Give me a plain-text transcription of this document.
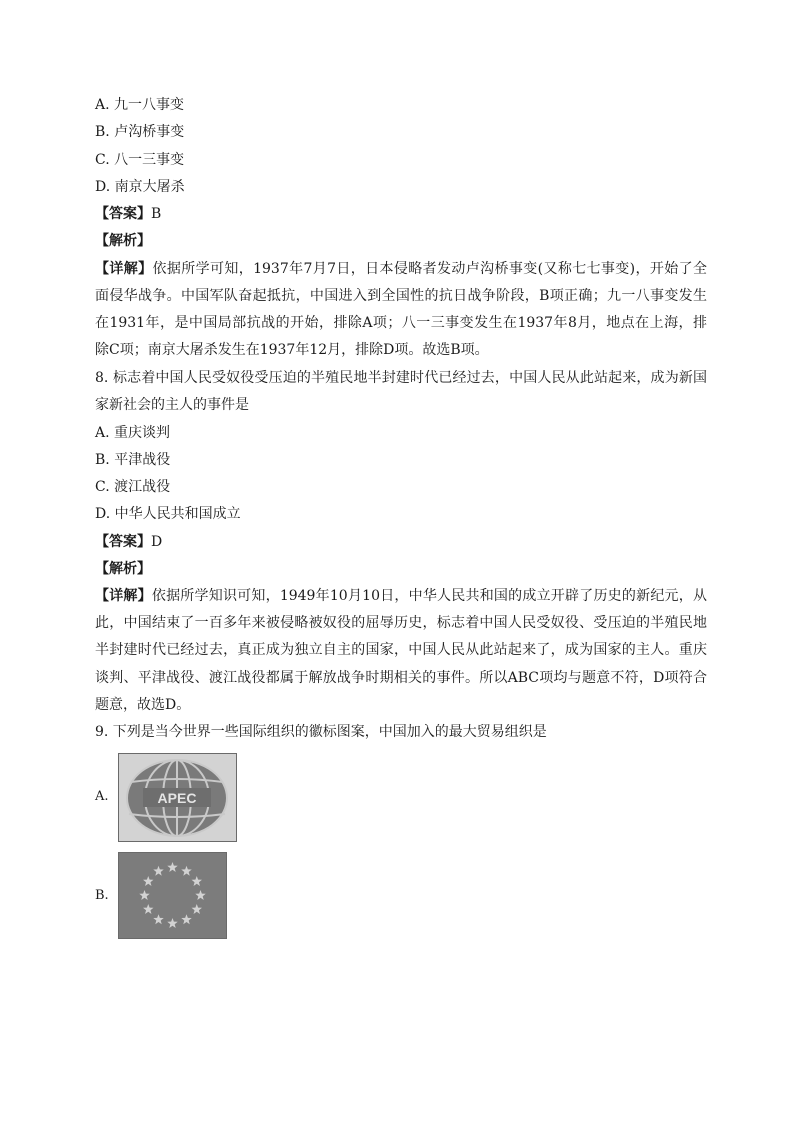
A. 九一八事变
B. 卢沟桥事变
C. 八一三事变
D. 南京大屠杀
【答案】B
【解析】
【详解】依据所学可知，1937年7月7日，日本侵略者发动卢沟桥事变(又称七七事变)，开始了全
面侵华战争。中国军队奋起抵抗，中国进入到全国性的抗日战争阶段，B项正确；九一八事变发生
在1931年，是中国局部抗战的开始，排除A项；八一三事变发生在1937年8月，地点在上海，排
除C项；南京大屠杀发生在1937年12月，排除D项。故选B项。
8. 标志着中国人民受奴役受压迫的半殖民地半封建时代已经过去，中国人民从此站起来，成为新国
家新社会的主人的事件是
A. 重庆谈判
B. 平津战役
C. 渡江战役
D. 中华人民共和国成立
【答案】D
【解析】
【详解】依据所学知识可知，1949年10月10日，中华人民共和国的成立开辟了历史的新纪元，从
此，中国结束了一百多年来被侵略被奴役的屈辱历史，标志着中国人民受奴役、受压迫的半殖民地
半封建时代已经过去，真正成为独立自主的国家，中国人民从此站起来了，成为国家的主人。重庆
谈判、平津战役、渡江战役都属于解放战争时期相关的事件。所以ABC项均与题意不符，D项符合
题意，故选D。
9. 下列是当今世界一些国际组织的徽标图案，中国加入的最大贸易组织是
A.	APEC
B.
